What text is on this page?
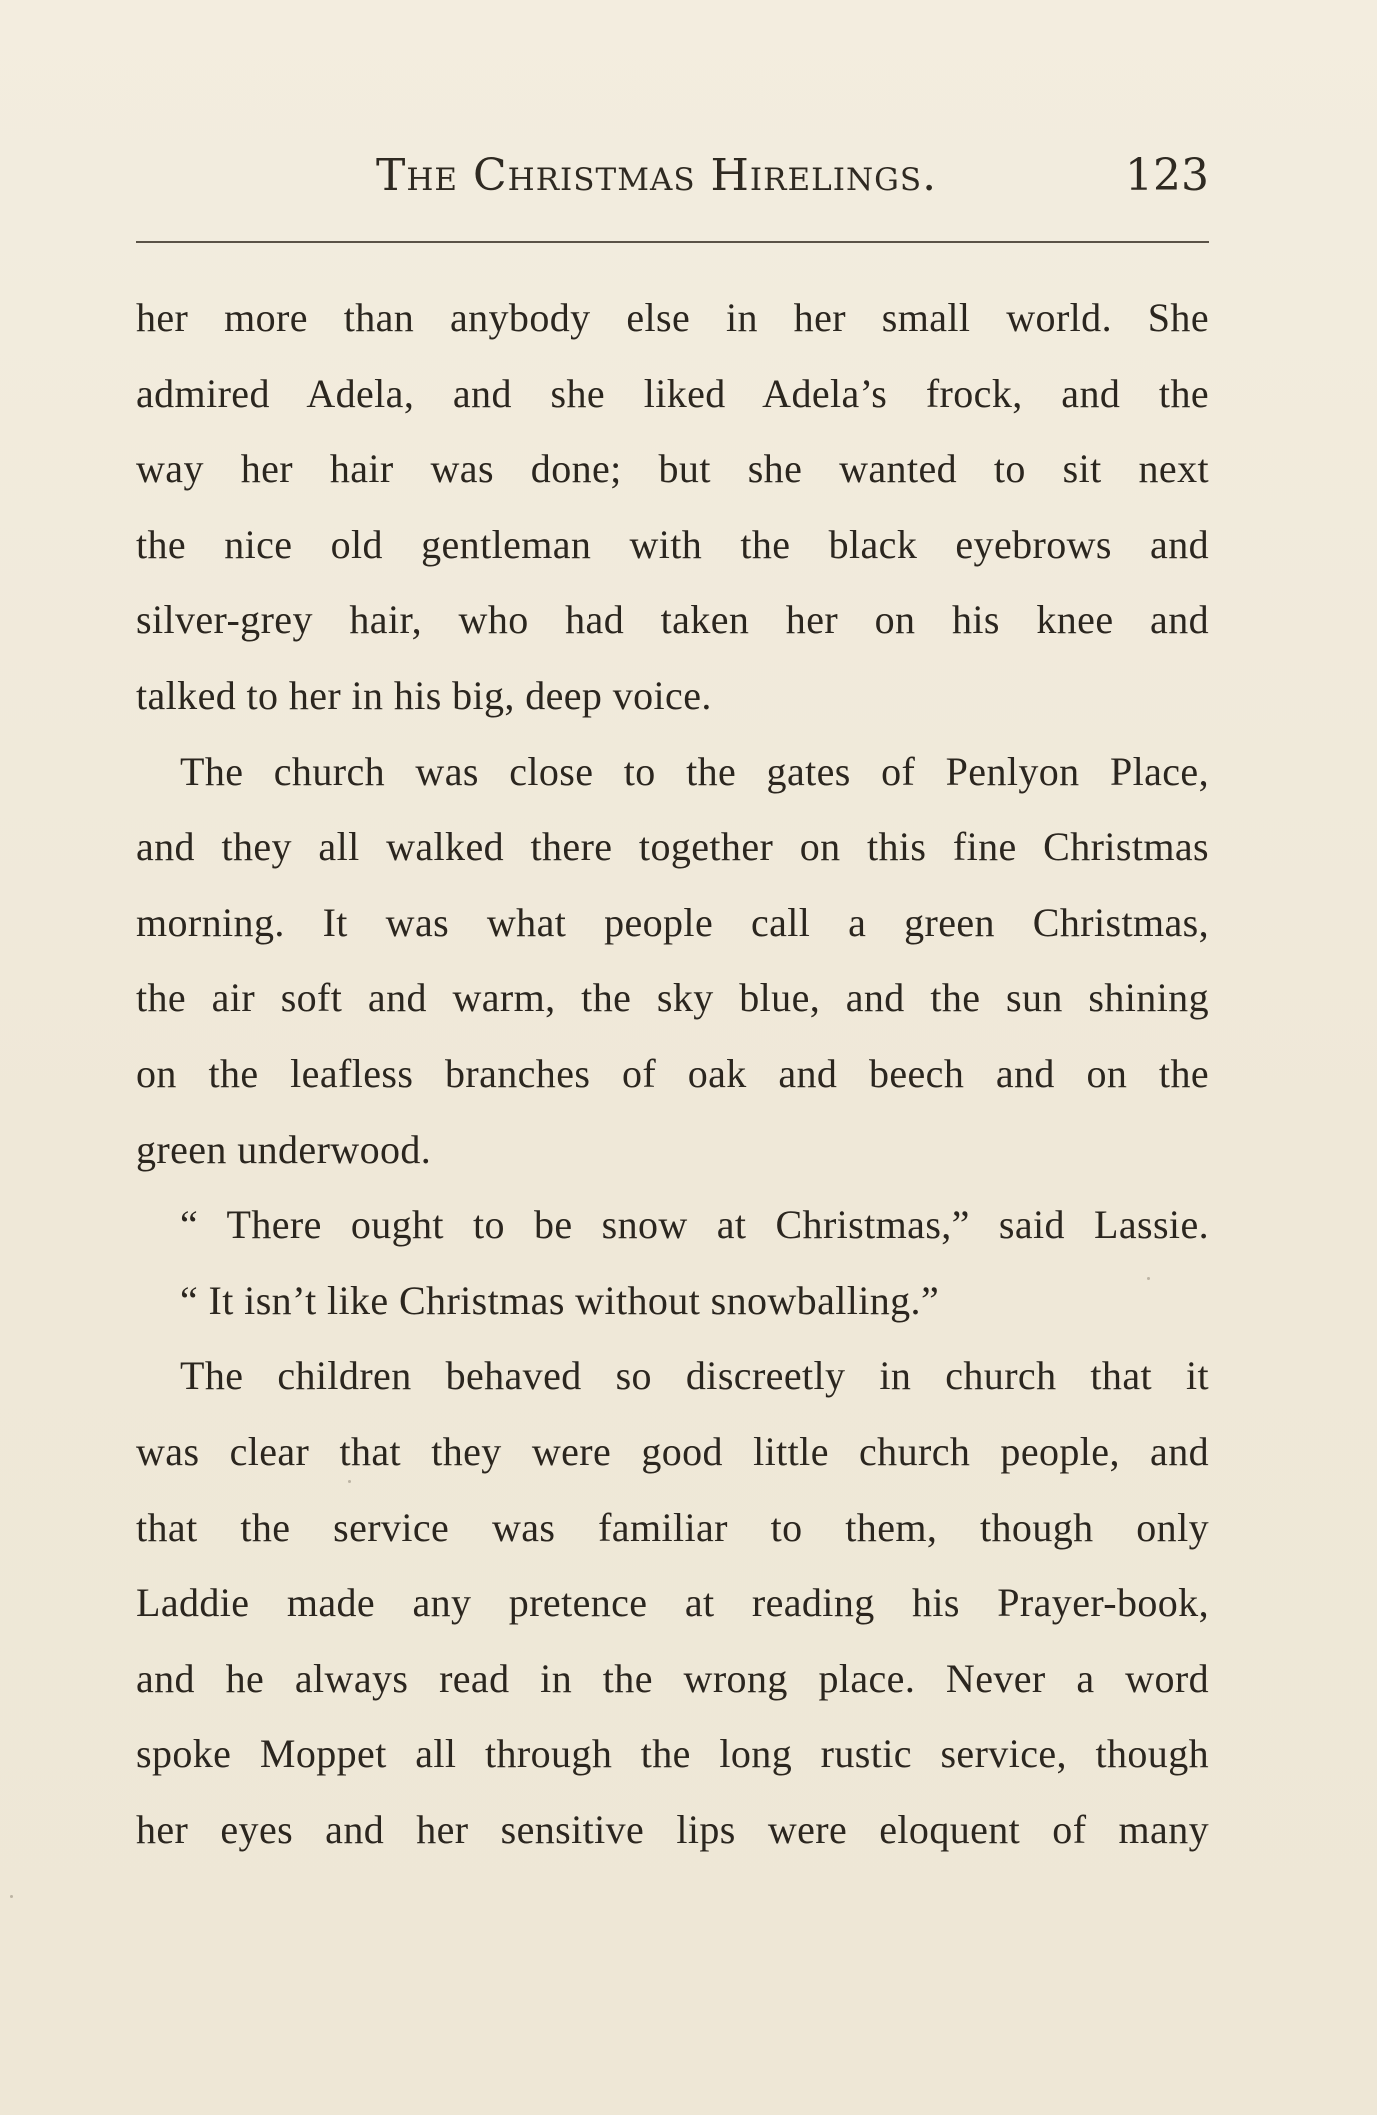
The Christmas Hirelings.	123
her more than anybody else in her small world. She
admired Adela, and she liked Adela’s frock, and the
way her hair was done; but she wanted to sit next
the nice old gentleman with the black eyebrows and
silver-grey hair, who had taken her on his knee and
talked to her in his big, deep voice.
The church was close to the gates of Penlyon Place,
and they all walked there together on this fine Christmas
morning. It was what people call a green Christmas,
the air soft and warm, the sky blue, and the sun shining
on the leafless branches of oak and beech and on the
green underwood.
“ There ought to be snow at Christmas,” said Lassie.
“ It isn’t like Christmas without snowballing.”
The children behaved so discreetly in church that it
was clear that they were good little church people, and
that the service was familiar to them, though only
Laddie made any pretence at reading his Prayer-book,
and he always read in the wrong place. Never a word
spoke Moppet all through the long rustic service, though
her eyes and her sensitive lips were eloquent of many
